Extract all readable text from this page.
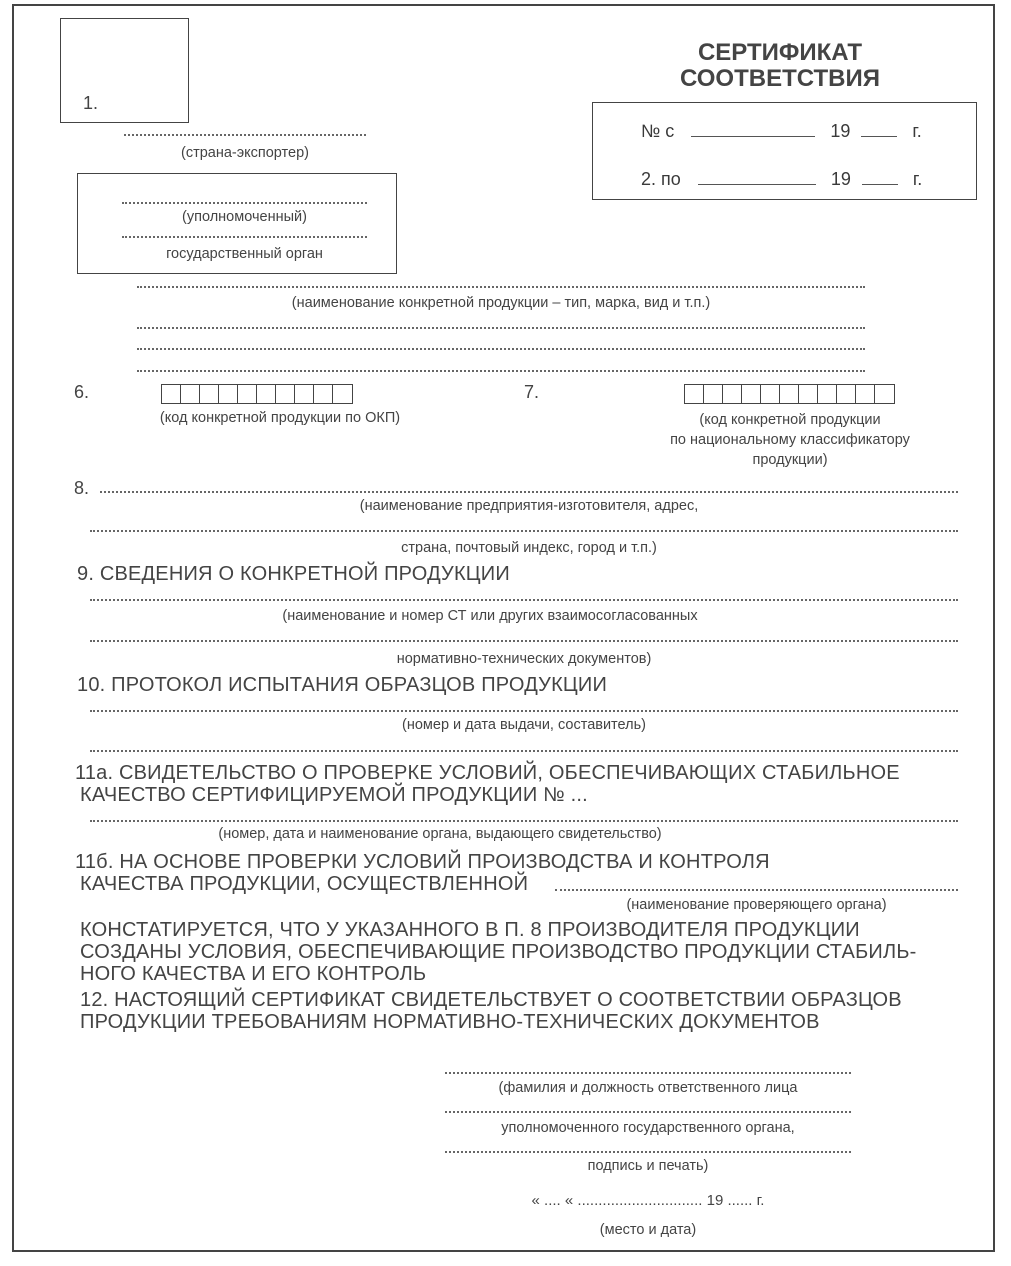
СЕРТИФИКАТ
СООТВЕТСТВИЯ
1.
(страна-экспортер)
(уполномоченный)
государственный орган
№ с	19	г.
2. по	19	г.
(наименование конкретной продукции – тип, марка, вид и т.п.)
6.
(код конкретной продукции по ОКП)
7.
(код конкретной продукции
по национальному классификатору
продукции)
8.
(наименование предприятия-изготовителя, адрес,
страна, почтовый индекс, город и т.п.)
9. СВЕДЕНИЯ О КОНКРЕТНОЙ ПРОДУКЦИИ
(наименование и номер СТ или других взаимосогласованных
нормативно-технических документов)
10. ПРОТОКОЛ ИСПЫТАНИЯ ОБРАЗЦОВ ПРОДУКЦИИ
(номер и дата выдачи, составитель)
11а. СВИДЕТЕЛЬСТВО О ПРОВЕРКЕ УСЛОВИЙ, ОБЕСПЕЧИВАЮЩИХ СТАБИЛЬНОЕ
КАЧЕСТВО СЕРТИФИЦИРУЕМОЙ ПРОДУКЦИИ № ...
(номер, дата и наименование органа, выдающего свидетельство)
11б. НА ОСНОВЕ ПРОВЕРКИ УСЛОВИЙ ПРОИЗВОДСТВА И КОНТРОЛЯ
КАЧЕСТВА ПРОДУКЦИИ, ОСУЩЕСТВЛЕННОЙ
(наименование проверяющего органа)
КОНСТАТИРУЕТСЯ, ЧТО У УКАЗАННОГО В П. 8 ПРОИЗВОДИТЕЛЯ ПРОДУКЦИИ
СОЗДАНЫ УСЛОВИЯ, ОБЕСПЕЧИВАЮЩИЕ ПРОИЗВОДСТВО ПРОДУКЦИИ СТАБИЛЬ-
НОГО КАЧЕСТВА И ЕГО КОНТРОЛЬ
12. НАСТОЯЩИЙ СЕРТИФИКАТ СВИДЕТЕЛЬСТВУЕТ О СООТВЕТСТВИИ ОБРАЗЦОВ
ПРОДУКЦИИ ТРЕБОВАНИЯМ НОРМАТИВНО-ТЕХНИЧЕСКИХ ДОКУМЕНТОВ
(фамилия и должность ответственного лица
уполномоченного государственного органа,
подпись и печать)
« .... « .............................. 19 ...... г.
(место и дата)
